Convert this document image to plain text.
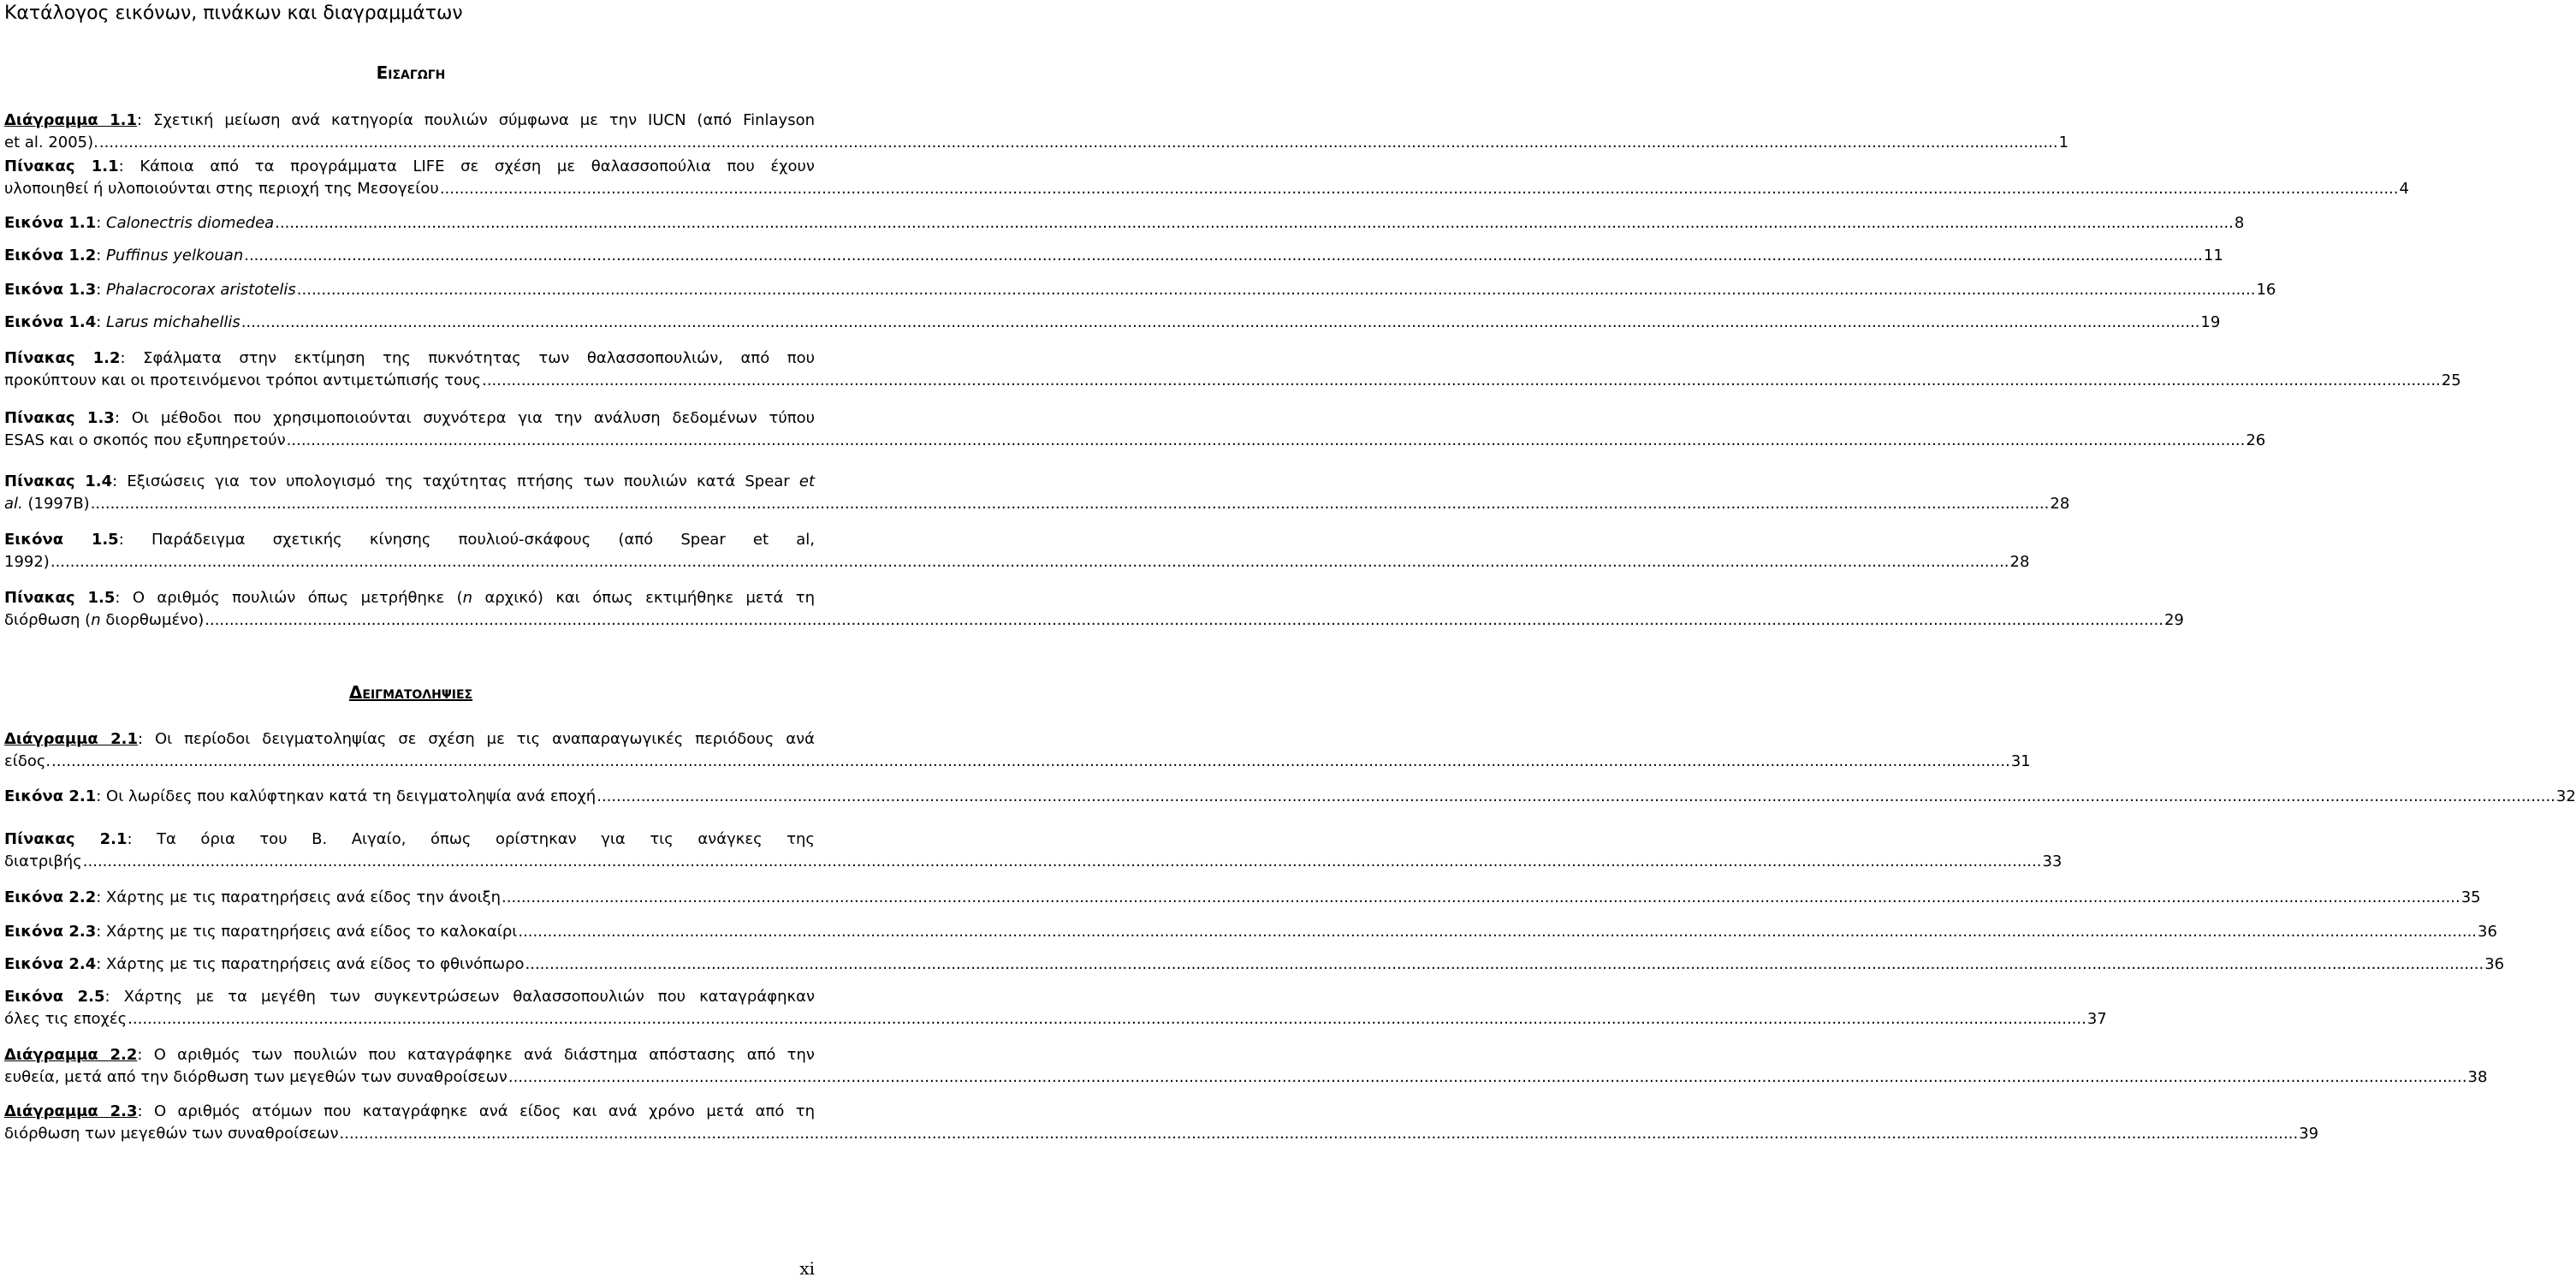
Κατάλογος εικόνων, πινάκων και διαγραμμάτων
Εισαγωγη
Δειγματοληψιες
Διάγραμμα 1.1: Σχετική μείωση ανά κατηγορία πουλιών σύμφωνα με την IUCN (από Finlayson
et al. 2005). ................................................................................................................................................................................................................................................................................................................................................................................................................ 1
Πίνακας 1.1: Κάποια από τα προγράμματα LIFE σε σχέση με θαλασσοπούλια που έχουν
υλοποιηθεί ή υλοποιούνται στης περιοχή της Μεσογείου ................................................................................................................................................................................................................................................................................................................................................................................................................ 4
Εικόνα 1.1: Calonectris diomedea ................................................................................................................................................................................................................................................................................................................................................................................................................ 8
Εικόνα 1.2: Puffinus yelkouan ................................................................................................................................................................................................................................................................................................................................................................................................................ 11
Εικόνα 1.3: Phalacrocorax aristotelis ................................................................................................................................................................................................................................................................................................................................................................................................................ 16
Εικόνα 1.4: Larus michahellis ................................................................................................................................................................................................................................................................................................................................................................................................................ 19
Πίνακας 1.2: Σφάλματα στην εκτίμηση της πυκνότητας των θαλασσοπουλιών, από που
προκύπτουν και οι προτεινόμενοι τρόποι αντιμετώπισής τους ................................................................................................................................................................................................................................................................................................................................................................................................................ 25
Πίνακας 1.3: Οι μέθοδοι που χρησιμοποιούνται συχνότερα για την ανάλυση δεδομένων τύπου
ESAS και ο σκοπός που εξυπηρετούν ................................................................................................................................................................................................................................................................................................................................................................................................................ 26
Πίνακας 1.4: Εξισώσεις για τον υπολογισμό της ταχύτητας πτήσης των πουλιών κατά Spear et
al. (1997B) ................................................................................................................................................................................................................................................................................................................................................................................................................ 28
Εικόνα 1.5: Παράδειγμα σχετικής κίνησης πουλιού-σκάφους (από Spear et al,
1992) ................................................................................................................................................................................................................................................................................................................................................................................................................ 28
Πίνακας 1.5: Ο αριθμός πουλιών όπως μετρήθηκε (n αρχικό) και όπως εκτιμήθηκε μετά τη
διόρθωση (n διορθωμένο) ................................................................................................................................................................................................................................................................................................................................................................................................................ 29
Διάγραμμα 2.1: Οι περίοδοι δειγματοληψίας σε σχέση με τις αναπαραγωγικές περιόδους ανά
είδος. ................................................................................................................................................................................................................................................................................................................................................................................................................ 31
Εικόνα 2.1: Οι λωρίδες που καλύφτηκαν κατά τη δειγματοληψία ανά εποχή ................................................................................................................................................................................................................................................................................................................................................................................................................ 32
Πίνακας 2.1: Τα όρια του Β. Αιγαίο, όπως ορίστηκαν για τις ανάγκες της
διατριβής ................................................................................................................................................................................................................................................................................................................................................................................................................ 33
Εικόνα 2.2: Χάρτης με τις παρατηρήσεις ανά είδος την άνοιξη ................................................................................................................................................................................................................................................................................................................................................................................................................ 35
Εικόνα 2.3: Χάρτης με τις παρατηρήσεις ανά είδος το καλοκαίρι ................................................................................................................................................................................................................................................................................................................................................................................................................ 36
Εικόνα 2.4: Χάρτης με τις παρατηρήσεις ανά είδος το φθινόπωρο ................................................................................................................................................................................................................................................................................................................................................................................................................ 36
Εικόνα 2.5: Χάρτης με τα μεγέθη των συγκεντρώσεων θαλασσοπουλιών που καταγράφηκαν
όλες τις εποχές ................................................................................................................................................................................................................................................................................................................................................................................................................ 37
Διάγραμμα 2.2: Ο αριθμός των πουλιών που καταγράφηκε ανά διάστημα απόστασης από την
ευθεία, μετά από την διόρθωση των μεγεθών των συναθροίσεων ................................................................................................................................................................................................................................................................................................................................................................................................................ 38
Διάγραμμα 2.3: Ο αριθμός ατόμων που καταγράφηκε ανά είδος και ανά χρόνο μετά από τη
διόρθωση των μεγεθών των συναθροίσεων ................................................................................................................................................................................................................................................................................................................................................................................................................ 39
xi
